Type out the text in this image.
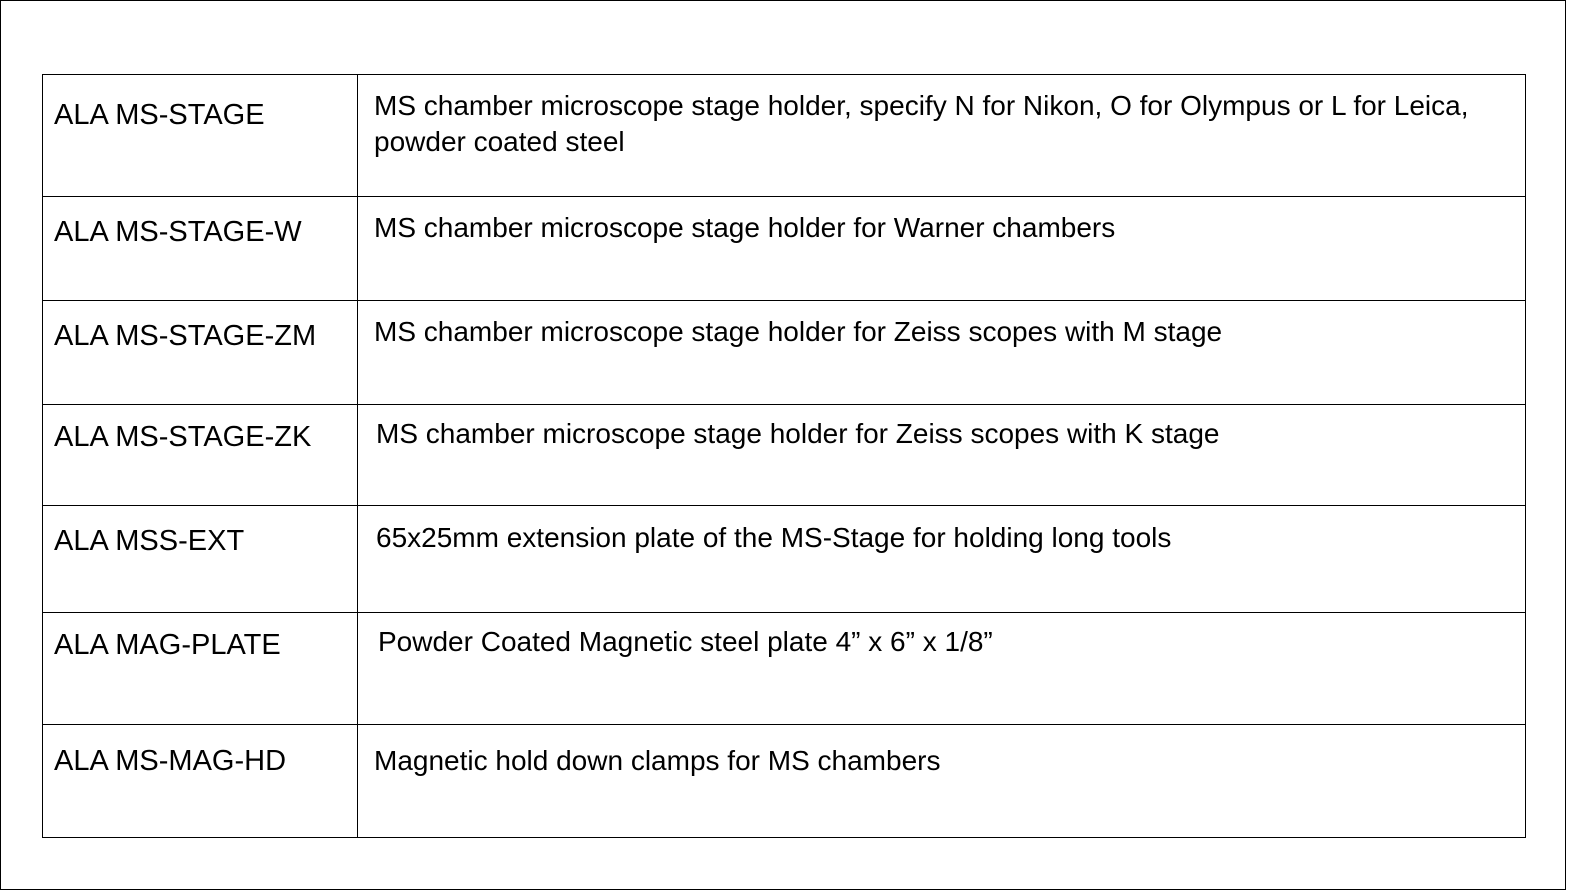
ALA MS-STAGE	MS chamber microscope stage holder, specify N for Nikon, O for Olympus or L for Leica, powder coated steel
ALA MS-STAGE-W	MS chamber microscope stage holder for Warner chambers
ALA MS-STAGE-ZM	MS chamber microscope stage holder for Zeiss scopes with M stage
ALA MS-STAGE-ZK	MS chamber microscope stage holder for Zeiss scopes with K stage
ALA MSS-EXT	65x25mm extension plate of the MS-Stage for holding long tools
ALA MAG-PLATE	Powder Coated Magnetic steel plate 4” x 6” x 1/8”
ALA MS-MAG-HD	Magnetic hold down clamps for MS chambers
